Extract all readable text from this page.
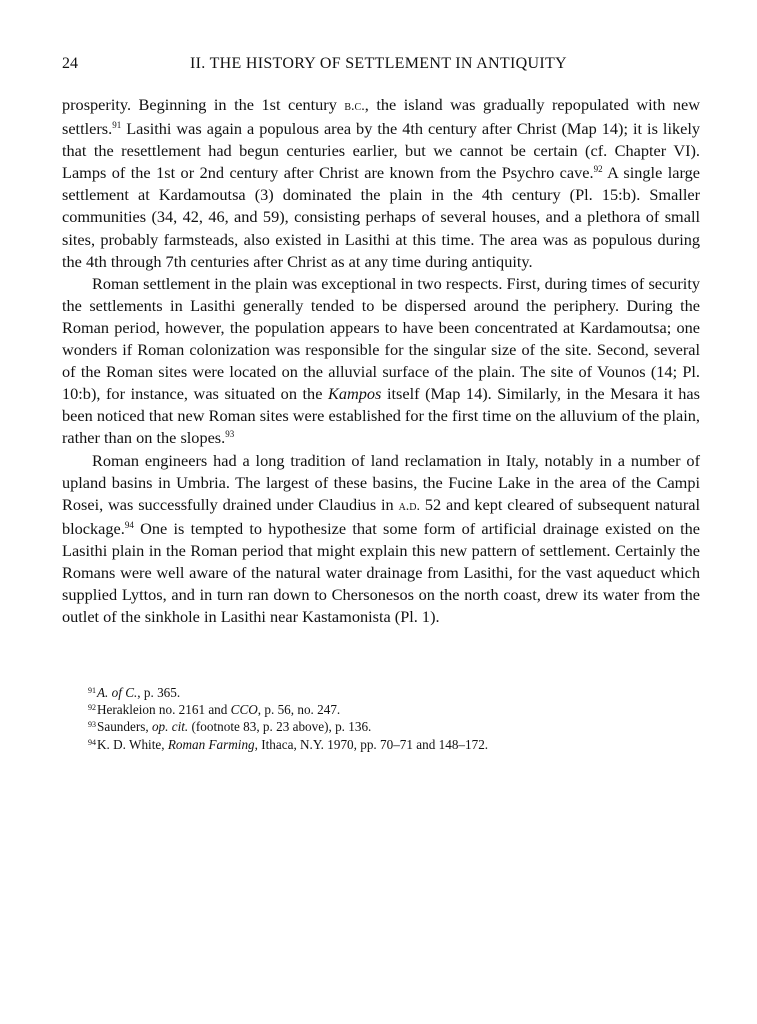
24	II. THE HISTORY OF SETTLEMENT IN ANTIQUITY

prosperity. Beginning in the 1st century b.c., the island was gradually repopulated with new settlers.$^{91}$ Lasithi was again a populous area by the 4th century after Christ (Map 14); it is likely that the resettlement had begun centuries earlier, but we cannot be certain (cf. Chapter VI). Lamps of the 1st or 2nd century after Christ are known from the Psychro cave.$^{92}$ A single large settlement at Kardamoutsa (3) dominated the plain in the 4th century (Pl. 15:b). Smaller communities (34, 42, 46, and 59), consisting perhaps of several houses, and a plethora of small sites, probably farmsteads, also existed in Lasithi at this time. The area was as populous during the 4th through 7th centuries after Christ as at any time during antiquity.

Roman settlement in the plain was exceptional in two respects. First, during times of security the settlements in Lasithi generally tended to be dispersed around the periphery. During the Roman period, however, the population appears to have been concentrated at Kardamoutsa; one wonders if Roman colonization was responsible for the singular size of the site. Second, several of the Roman sites were located on the alluvial surface of the plain. The site of Vounos (14; Pl. 10:b), for instance, was situated on the Kampos itself (Map 14). Similarly, in the Mesara it has been noticed that new Roman sites were established for the first time on the alluvium of the plain, rather than on the slopes.$^{93}$

Roman engineers had a long tradition of land reclamation in Italy, notably in a number of upland basins in Umbria. The largest of these basins, the Fucine Lake in the area of the Campi Rosei, was successfully drained under Claudius in a.d. 52 and kept cleared of subsequent natural blockage.$^{94}$ One is tempted to hypothesize that some form of artificial drainage existed on the Lasithi plain in the Roman period that might explain this new pattern of settlement. Certainly the Romans were well aware of the natural water drainage from Lasithi, for the vast aqueduct which supplied Lyttos, and in turn ran down to Chersonesos on the north coast, drew its water from the outlet of the sinkhole in Lasithi near Kastamonista (Pl. 1).

$^{91}$A. of C., p. 365.
$^{92}$Herakleion no. 2161 and CCO, p. 56, no. 247.
$^{93}$Saunders, op. cit. (footnote 83, p. 23 above), p. 136.
$^{94}$K. D. White, Roman Farming, Ithaca, N.Y. 1970, pp. 70–71 and 148–172.
